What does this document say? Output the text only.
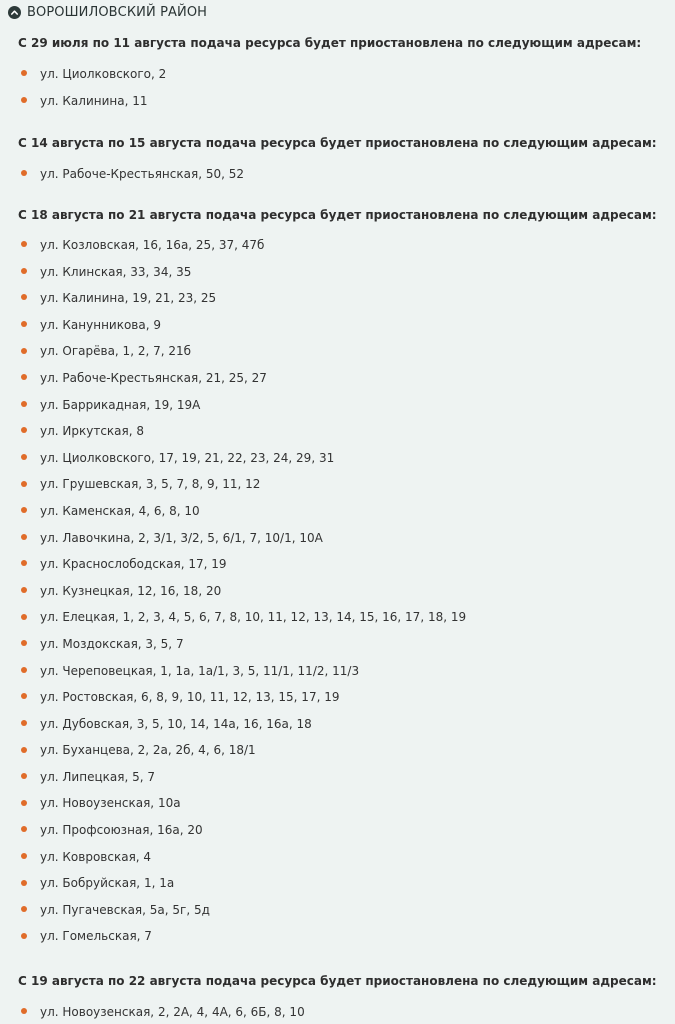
ВОРОШИЛОВСКИЙ РАЙОН
С 29 июля по 11 августа подача ресурса будет приостановлена по следующим адресам:
ул. Циолковского, 2
ул. Калинина, 11
С 14 августа по 15 августа подача ресурса будет приостановлена по следующим адресам:
ул. Рабоче-Крестьянская, 50, 52
С 18 августа по 21 августа подача ресурса будет приостановлена по следующим адресам:
ул. Козловская, 16, 16а, 25, 37, 47б
ул. Клинская, 33, 34, 35
ул. Калинина, 19, 21, 23, 25
ул. Канунникова, 9
ул. Огарёва, 1, 2, 7, 21б
ул. Рабоче-Крестьянская, 21, 25, 27
ул. Баррикадная, 19, 19А
ул. Иркутская, 8
ул. Циолковского, 17, 19, 21, 22, 23, 24, 29, 31
ул. Грушевская, 3, 5, 7, 8, 9, 11, 12
ул. Каменская, 4, 6, 8, 10
ул. Лавочкина, 2, 3/1, 3/2, 5, 6/1, 7, 10/1, 10А
ул. Краснослободская, 17, 19
ул. Кузнецкая, 12, 16, 18, 20
ул. Елецкая, 1, 2, 3, 4, 5, 6, 7, 8, 10, 11, 12, 13, 14, 15, 16, 17, 18, 19
ул. Моздокская, 3, 5, 7
ул. Череповецкая, 1, 1а, 1а/1, 3, 5, 11/1, 11/2, 11/3
ул. Ростовская, 6, 8, 9, 10, 11, 12, 13, 15, 17, 19
ул. Дубовская, 3, 5, 10, 14, 14а, 16, 16а, 18
ул. Буханцева, 2, 2а, 2б, 4, 6, 18/1
ул. Липецкая, 5, 7
ул. Новоузенская, 10а
ул. Профсоюзная, 16а, 20
ул. Ковровская, 4
ул. Бобруйская, 1, 1а
ул. Пугачевская, 5а, 5г, 5д
ул. Гомельская, 7
С 19 августа по 22 августа подача ресурса будет приостановлена по следующим адресам:
ул. Новоузенская, 2, 2А, 4, 4А, 6, 6Б, 8, 10
